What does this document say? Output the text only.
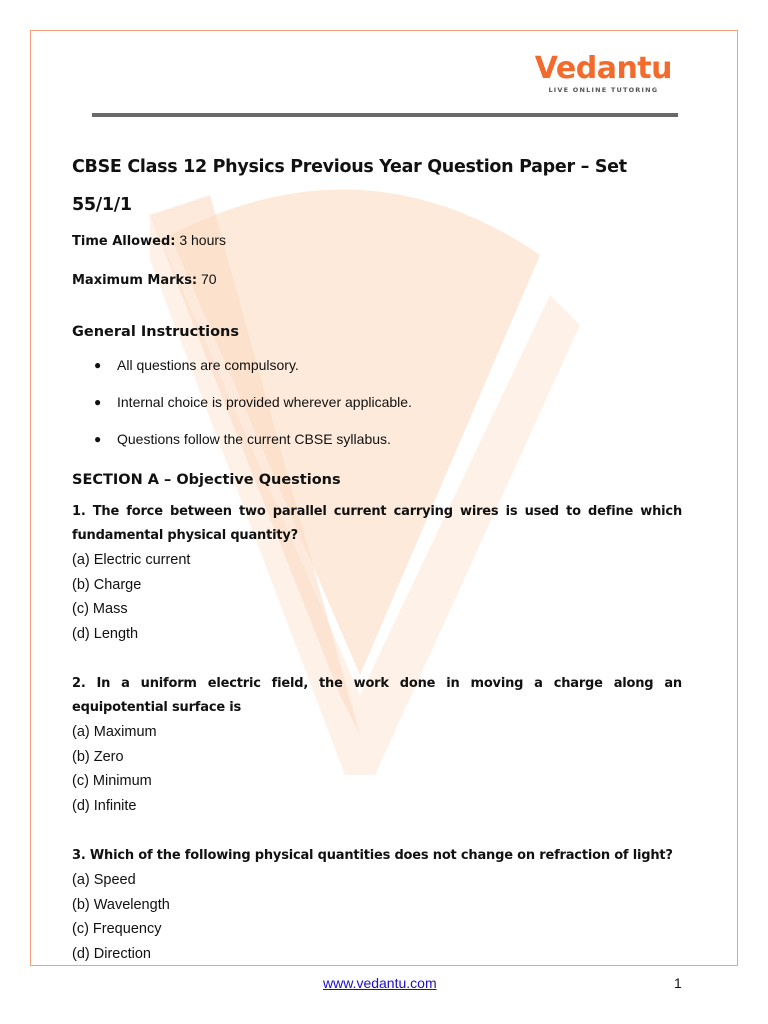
Vedantu
LIVE ONLINE TUTORING
CBSE Class 12 Physics Previous Year Question Paper – Set 55/1/1

Time Allowed: 3 hours

Maximum Marks: 70

General Instructions
● All questions are compulsory.
● Internal choice is provided wherever applicable.
● Questions follow the current CBSE syllabus.
SECTION A – Objective Questions

1. The force between two parallel current carrying wires is used to define which fundamental physical quantity?

(a) Electric current
(b) Charge
(c) Mass
(d) Length

2. In a uniform electric field, the work done in moving a charge along an equipotential surface is

(a) Maximum
(b) Zero
(c) Minimum
(d) Infinite

3. Which of the following physical quantities does not change on refraction of light?

(a) Speed
(b) Wavelength
(c) Frequency
(d) Direction
www.vedantu.com	1
